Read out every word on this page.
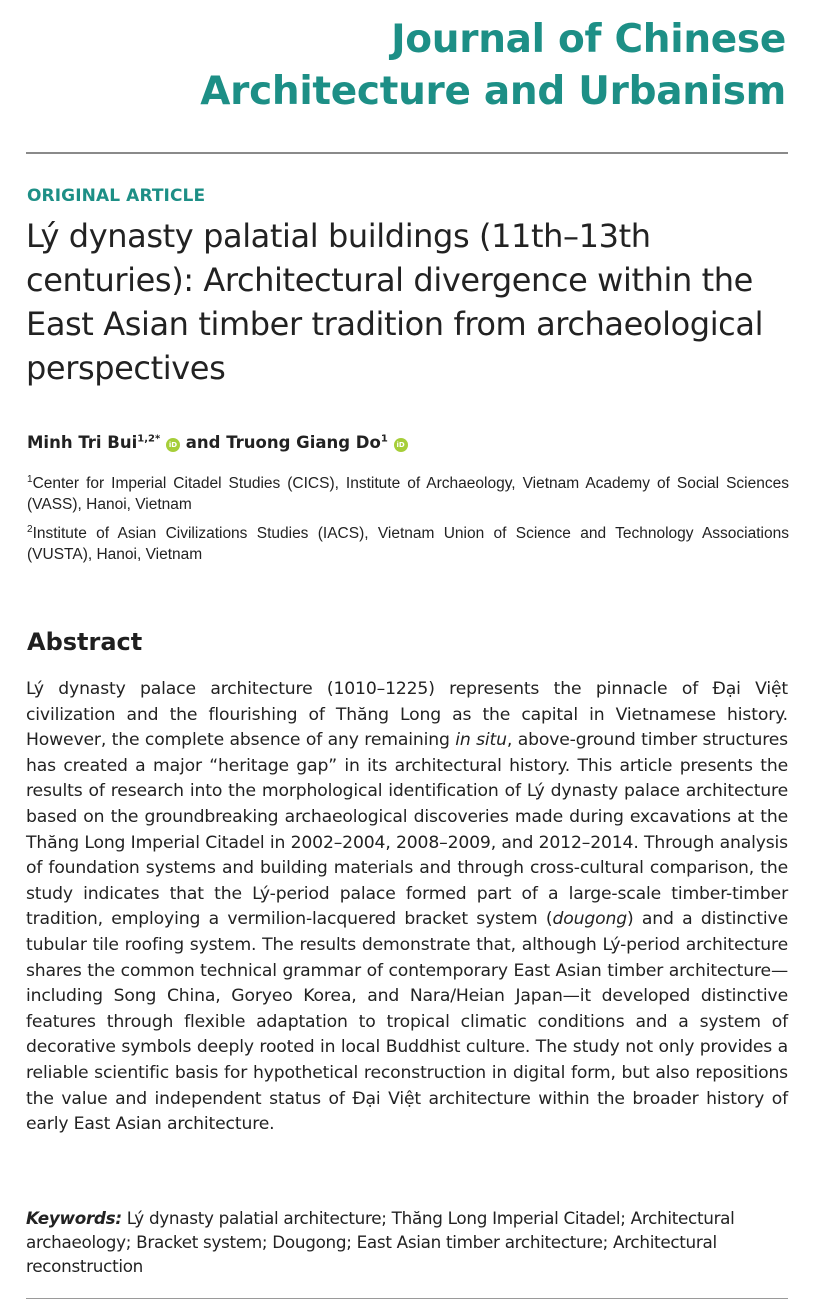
Journal of Chinese
Architecture and Urbanism
ORIGINAL ARTICLE
Lý dynasty palatial buildings (11th–13th centuries): Architectural divergence within the East Asian timber tradition from archaeological perspectives
Minh Tri Bui$^{1,2*}$ iD and Truong Giang Do$^1$ iD
$^1$Center for Imperial Citadel Studies (CICS), Institute of Archaeology, Vietnam Academy of Social Sciences (VASS), Hanoi, Vietnam
$^2$Institute of Asian Civilizations Studies (IACS), Vietnam Union of Science and Technology Associations (VUSTA), Hanoi, Vietnam
Abstract

Lý dynasty palace architecture (1010–1225) represents the pinnacle of Đại Việt civilization and the flourishing of Thăng Long as the capital in Vietnamese history. However, the complete absence of any remaining in situ, above-ground timber structures has created a major “heritage gap” in its architectural history. This article presents the results of research into the morphological identification of Lý dynasty palace architecture based on the groundbreaking archaeological discoveries made during excavations at the Thăng Long Imperial Citadel in 2002–2004, 2008–2009, and 2012–2014. Through analysis of foundation systems and building materials and through cross-cultural comparison, the study indicates that the Lý-period palace formed part of a large-scale timber-timber tradition, employing a vermilion-lacquered bracket system (dougong) and a distinctive tubular tile roofing system. The results demonstrate that, although Lý-period architecture shares the common technical grammar of contemporary East Asian timber architecture—including Song China, Goryeo Korea, and Nara/Heian Japan—it developed distinctive features through flexible adaptation to tropical climatic conditions and a system of decorative symbols deeply rooted in local Buddhist culture. The study not only provides a reliable scientific basis for hypothetical reconstruction in digital form, but also repositions the value and independent status of Đại Việt architecture within the broader history of early East Asian architecture.

Keywords: Lý dynasty palatial architecture; Thăng Long Imperial Citadel; Architectural archaeology; Bracket system; Dougong; East Asian timber architecture; Architectural reconstruction
